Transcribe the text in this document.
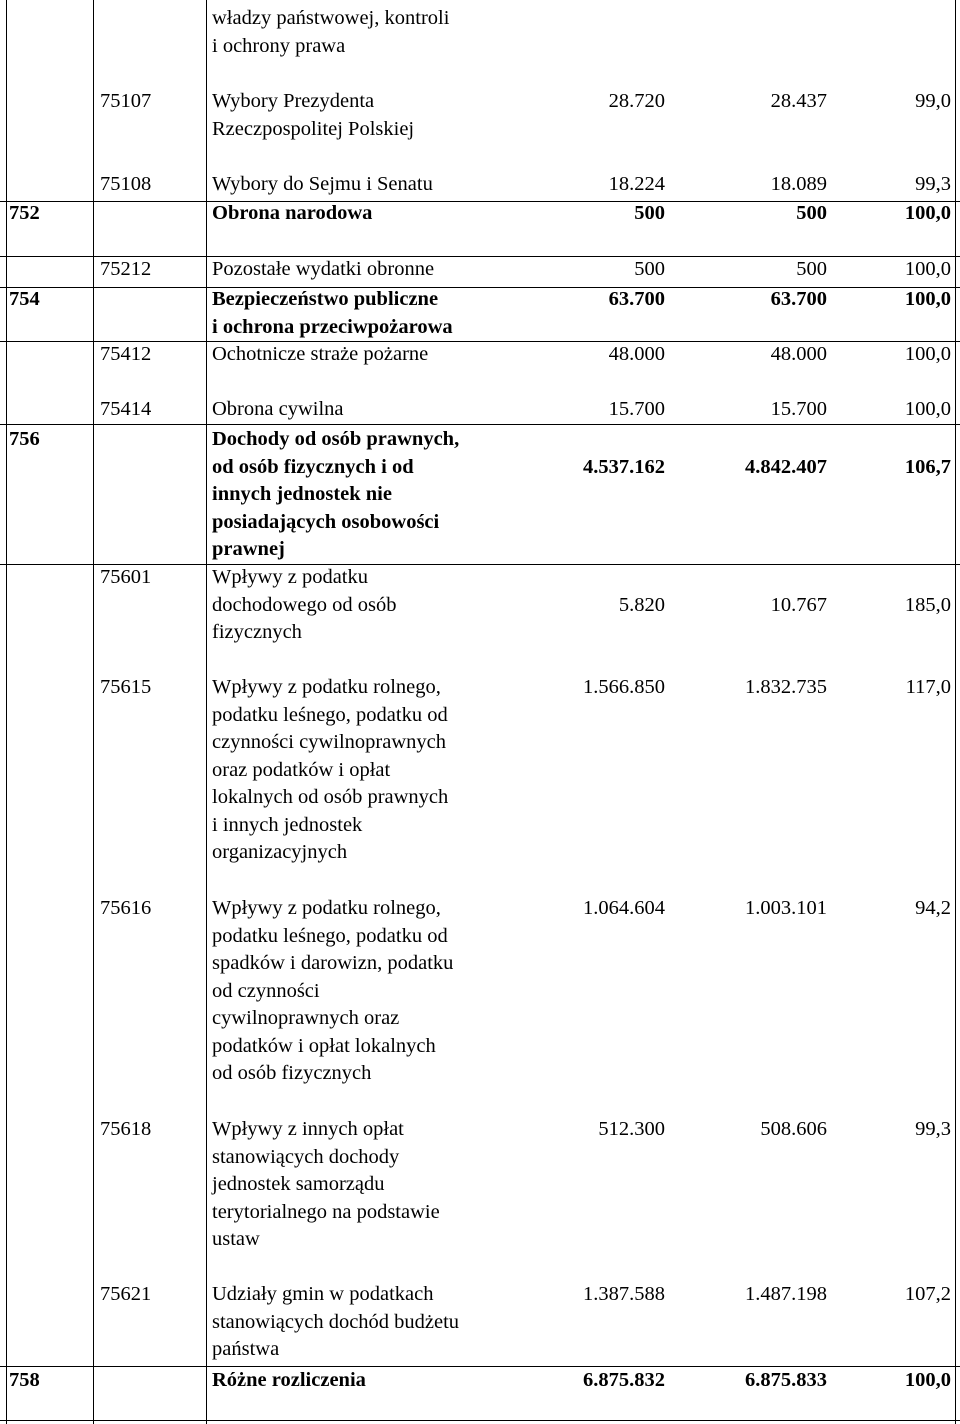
władzy państwowej, kontroli
i ochrony prawa
75107	Wybory Prezydenta
Rzeczpospolitej Polskiej
28.720	28.437	99,0
75108	Wybory do Sejmu i Senatu	18.224	18.089	99,3
752	Obrona narodowa	500	500	100,0
75212	Pozostałe wydatki obronne	500	500	100,0
754	Bezpieczeństwo publiczne
i ochrona przeciwpożarowa
63.700	63.700	100,0
75412	Ochotnicze straże pożarne	48.000	48.000	100,0
75414	Obrona cywilna	15.700	15.700	100,0
756	Dochody od osób prawnych,
od osób fizycznych i od
innych jednostek nie
posiadających osobowości
prawnej
4.537.162	4.842.407	106,7
75601	Wpływy z podatku
dochodowego od osób
fizycznych
5.820	10.767	185,0
75615	Wpływy z podatku rolnego,
podatku leśnego, podatku od
czynności cywilnoprawnych
oraz podatków i opłat
lokalnych od osób prawnych
i innych jednostek
organizacyjnych
1.566.850	1.832.735	117,0
75616	Wpływy z podatku rolnego,
podatku leśnego, podatku od
spadków i darowizn, podatku
od czynności
cywilnoprawnych oraz
podatków i opłat lokalnych
od osób fizycznych
1.064.604	1.003.101	94,2
75618	Wpływy z innych opłat
stanowiących dochody
jednostek samorządu
terytorialnego na podstawie
ustaw
512.300	508.606	99,3
75621	Udziały gmin w podatkach
stanowiących dochód budżetu
państwa
1.387.588	1.487.198	107,2
758	Różne rozliczenia	6.875.832	6.875.833	100,0
